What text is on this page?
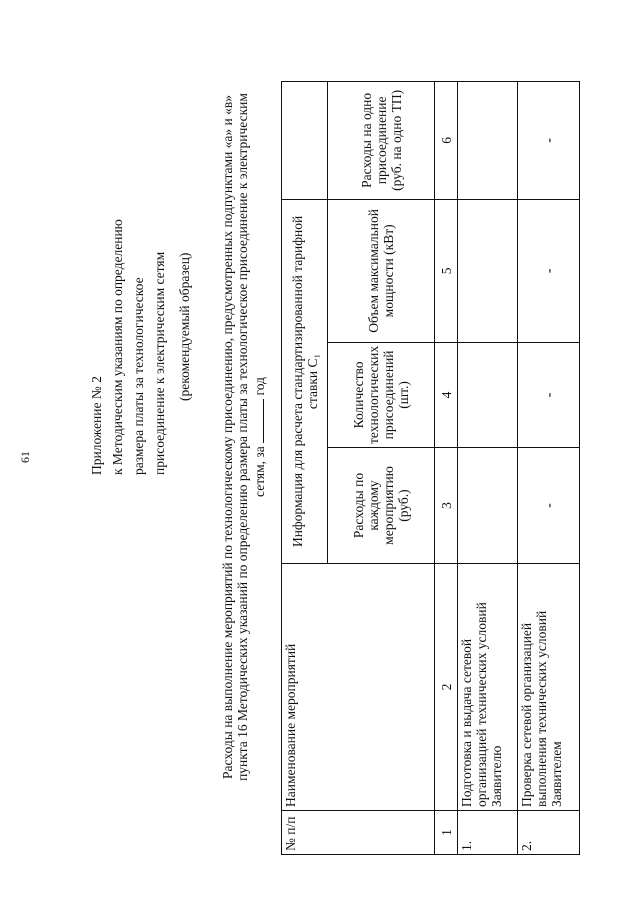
61	Приложение № 2 к Методическим указаниям по определению размера платы за технологическое присоединение к электрическим сетям (рекомендуемый образец) Расходы на выполнение мероприятий по технологическому присоединению, предусмотренных подпунктами «а» и «в» пункта 16 Методических указаний по определению размера платы за технологическое присоединение к электрическим сетям, за  год
№ п/п	Наименование мероприятий	Информация для расчета стандартизированной тарифной ставки С₁			
		Расходы по каждому мероприятию (руб.)	Количество технологических присоединений (шт.)	Объем максимальной мощности (кВт)	Расходы на одно присоединение (руб. на одно ТП)
1	2	3	4	5	6
1.	Подготовка и выдача сетевой организацией технических условий Заявителю				
2.	Проверка сетевой организацией выполнения технических условий Заявителем	-	-	-	-
